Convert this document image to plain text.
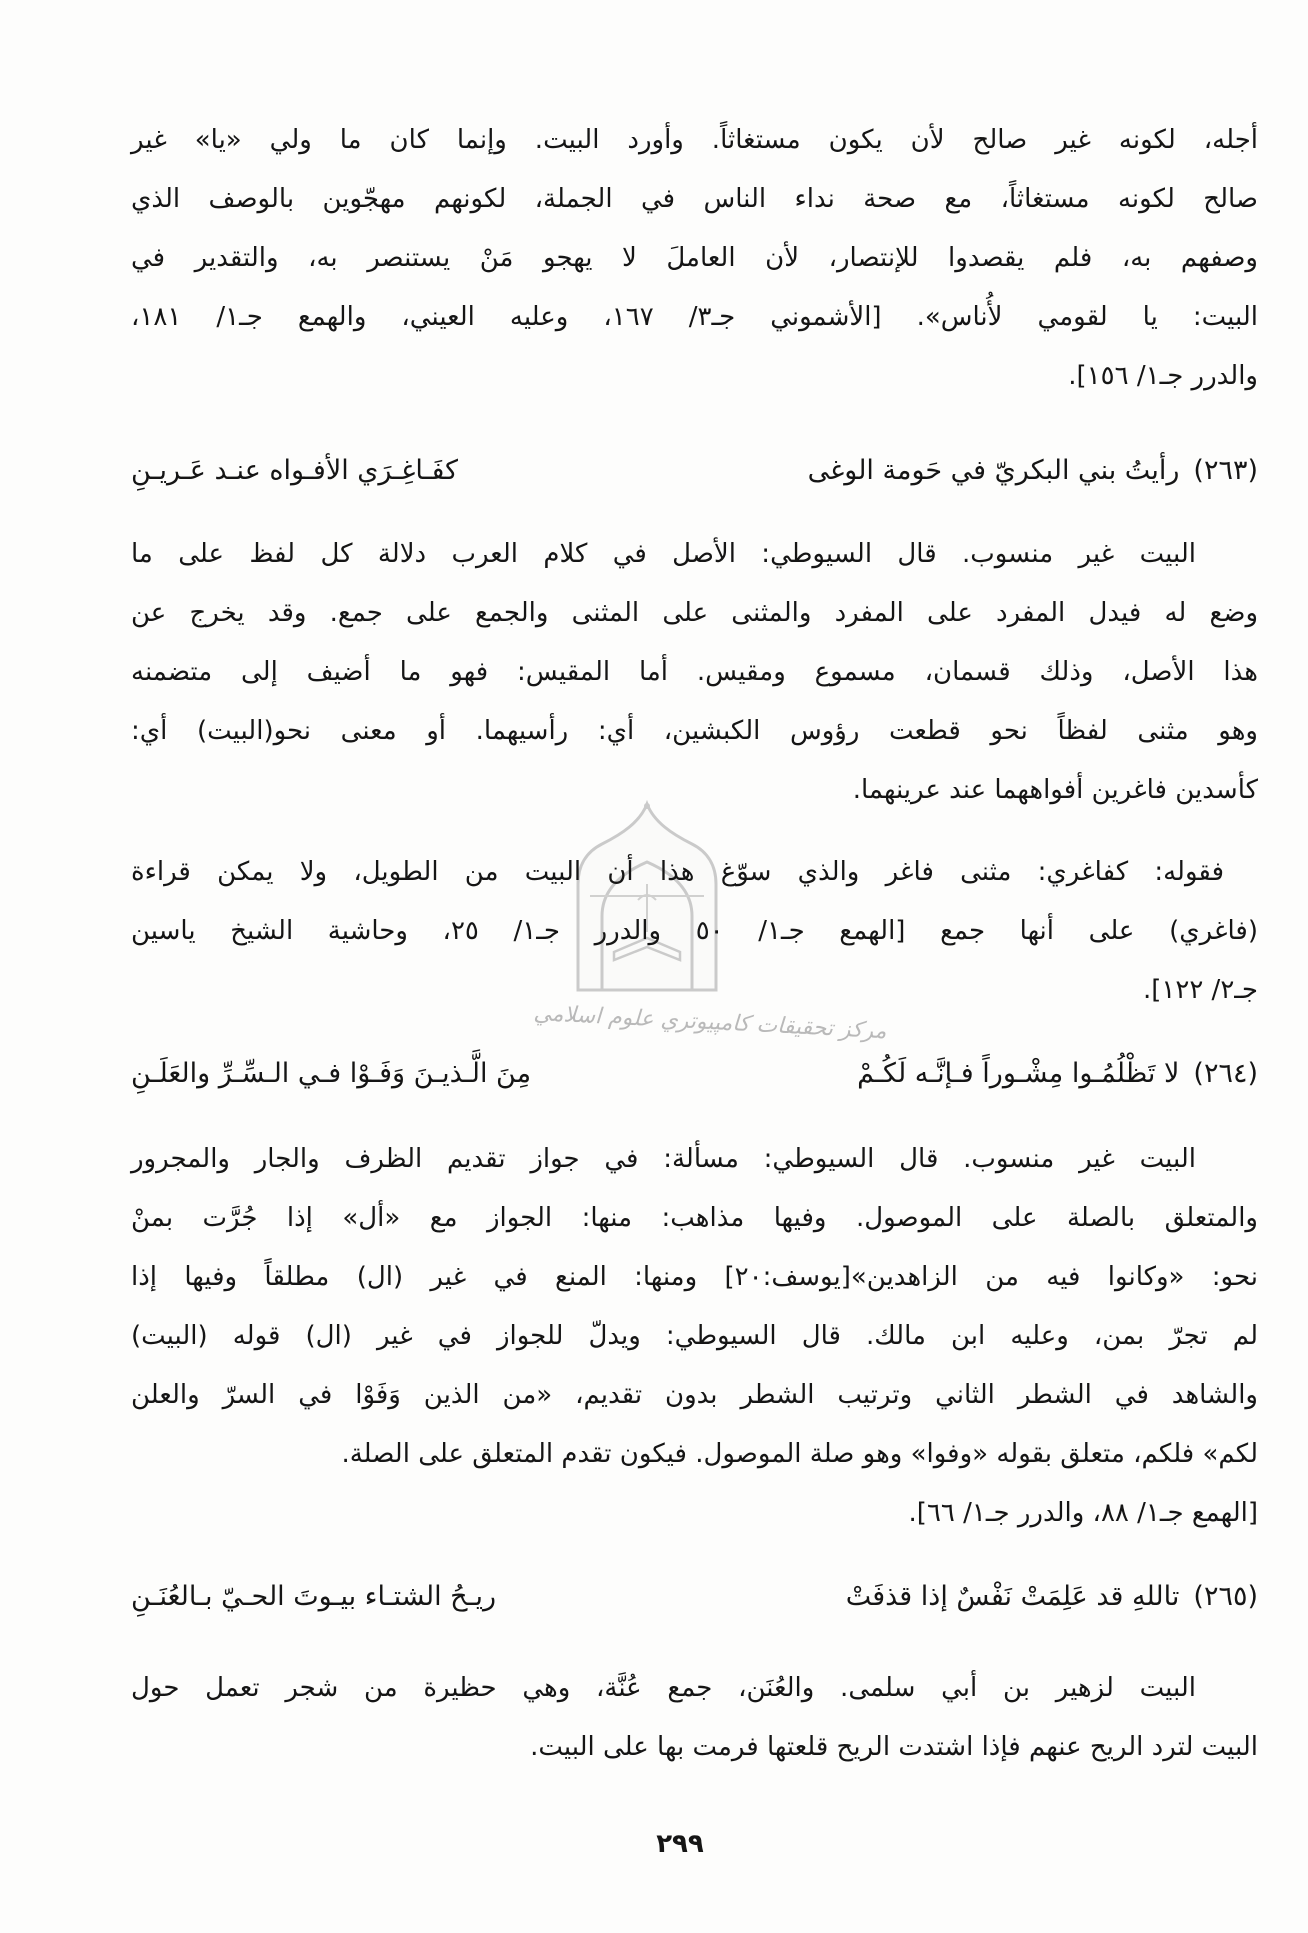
مركز تحقيقات كامپيوتري علوم اسلامي
أجله، لكونه غير صالح لأن يكون مستغاثاً. وأورد البيت. وإنما كان ما ولي «يا» غير
صالح لكونه مستغاثاً، مع صحة نداء الناس في الجملة، لكونهم مهجّوين بالوصف الذي
وصفهم به، فلم يقصدوا للإنتصار، لأن العاملَ لا يهجو مَنْ يستنصر به، والتقدير في
البيت: يا لقومي لأُناس». [الأشموني جـ٣/ ١٦٧، وعليه العيني، والهمع جـ١/ ١٨١،
والدرر جـ١/ ١٥٦].
(٢٦٣)
رأيتُ بني البكريّ في حَومة الوغى
كفَـاغِـرَي الأفـواه عنـد عَـريـنِ
البيت غير منسوب. قال السيوطي: الأصل في كلام العرب دلالة كل لفظ على ما
وضع له فيدل المفرد على المفرد والمثنى على المثنى والجمع على جمع. وقد يخرج عن
هذا الأصل، وذلك قسمان، مسموع ومقيس. أما المقيس: فهو ما أضيف إلى متضمنه
وهو مثنى لفظاً نحو قطعت رؤوس الكبشين، أي: رأسيهما. أو معنى نحو(البيت) أي:
كأسدين فاغرين أفواههما عند عرينهما.
فقوله: كفاغري: مثنى فاغر والذي سوّغ هذا أن البيت من الطويل، ولا يمكن قراءة
(فاغري) على أنها جمع [الهمع جـ١/ ٥٠ والدرر جـ١/ ٢٥، وحاشية الشيخ ياسين
جـ٢/ ١٢٢].
(٢٦٤)
لا تَظْلُمُـوا مِشْـوراً فـإنَّـه لَكُـمْ
مِنَ الَّـذيـنَ وَفَـوْا فـي الـسِّـرِّ والعَلَـنِ
البيت غير منسوب. قال السيوطي: مسألة: في جواز تقديم الظرف والجار والمجرور
والمتعلق بالصلة على الموصول. وفيها مذاهب: منها: الجواز مع «أل» إذا جُرَّت بمنْ
نحو: «وكانوا فيه من الزاهدين»[يوسف:٢٠] ومنها: المنع في غير (ال) مطلقاً وفيها إذا
لم تجرّ بمن، وعليه ابن مالك. قال السيوطي: ويدلّ للجواز في غير (ال) قوله (البيت)
والشاهد في الشطر الثاني وترتيب الشطر بدون تقديم، «من الذين وَفَوْا في السرّ والعلن
لكم» فلكم، متعلق بقوله «وفوا» وهو صلة الموصول. فيكون تقدم المتعلق على الصلة.
[الهمع جـ١/ ٨٨، والدرر جـ١/ ٦٦].
(٢٦٥)
تاللهِ قد عَلِمَتْ نَفْسٌ إذا قذفَتْ
ريـحُ الشتـاء بيـوتَ الحـيّ بـالعُنَـنِ
البيت لزهير بن أبي سلمى. والعُنَن، جمع عُنَّة، وهي حظيرة من شجر تعمل حول
البيت لترد الريح عنهم فإذا اشتدت الريح قلعتها فرمت بها على البيت.
٢٩٩
